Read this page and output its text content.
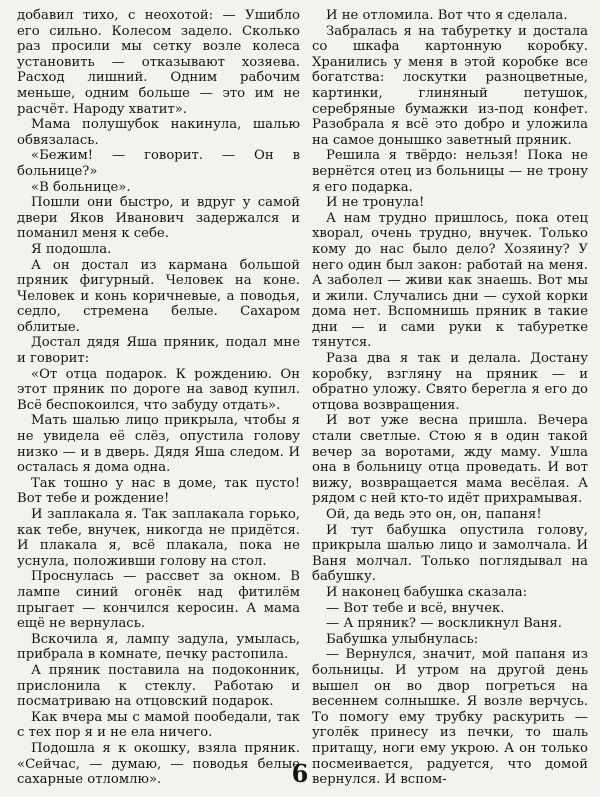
добавил тихо, с неохотой: — Ушибло его сильно. Колесом задело. Сколько раз просили мы сетку возле колеса установить — отказывают хозяева. Расход лишний. Одним рабочим меньше, одним больше — это им не расчёт. Народу хватит».

Мама полушубок накинула, шалью обвязалась.

«Бежим! — говорит. — Он в больнице?»

«В больнице».

Пошли они быстро, и вдруг у самой двери Яков Иванович задержался и поманил меня к себе.

Я подошла.

А он достал из кармана большой пряник фигурный. Человек на коне. Человек и конь коричневые, а поводья, седло, стремена белые. Сахаром облитые.

Достал дядя Яша пряник, подал мне и говорит:

«От отца подарок. К рождению. Он этот пряник по дороге на завод купил. Всё беспокоился, что забуду отдать».

Мать шалью лицо прикрыла, чтобы я не увидела её слёз, опустила голову низко — и в дверь. Дядя Яша следом. И осталась я дома одна.

Так тошно у нас в доме, так пусто! Вот тебе и рождение!

И заплакала я. Так заплакала горько, как тебе, внучек, никогда не придётся. И плакала я, всё плакала, пока не уснула, положивши голову на стол.

Проснулась — рассвет за окном. В лампе синий огонёк над фитилём прыгает — кончился керосин. А мама ещё не вернулась.

Вскочила я, лампу задула, умылась, прибрала в комнате, печку растопила.

А пряник поставила на подоконник, прислонила к стеклу. Работаю и посматриваю на отцовский подарок.

Как вчера мы с мамой пообедали, так с тех пор я и не ела ничего.

Подошла я к окошку, взяла пряник. «Сейчас, — думаю, — поводья белые сахарные отломлю».

И не отломила. Вот что я сделала.

Забралась я на табуретку и достала со шкафа картонную коробку. Хранились у меня в этой коробке все богатства: лоскутки разноцветные, картинки, глиняный петушок, серебряные бумажки из-под конфет. Разобрала я всё это добро и уложила на самое донышко заветный пряник.

Решила я твёрдо: нельзя! Пока не вернётся отец из больницы — не трону я его подарка.

И не тронула!

А нам трудно пришлось, пока отец хворал, очень трудно, внучек. Только кому до нас было дело? Хозяину? У него один был закон: работай на меня. А заболел — живи как знаешь. Вот мы и жили. Случались дни — сухой корки дома нет. Вспомнишь пряник в такие дни — и сами руки к табуретке тянутся.

Раза два я так и делала. Достану коробку, взгляну на пряник — и обратно уложу. Свято берегла я его до отцова возвращения.

И вот уже весна пришла. Вечера стали светлые. Стою я в один такой вечер за воротами, жду маму. Ушла она в больницу отца проведать. И вот вижу, возвращается мама весёлая. А рядом с ней кто-то идёт прихрамывая.

Ой, да ведь это он, он, папаня!

И тут бабушка опустила голову, прикрыла шалью лицо и замолчала. И Ваня молчал. Только поглядывал на бабушку.

И наконец бабушка сказала:

— Вот тебе и всё, внучек.

— А пряник? — воскликнул Ваня.

Бабушка улыбнулась:

— Вернулся, значит, мой папаня из больницы. И утром на другой день вышел он во двор погреться на весеннем солнышке. Я возле верчусь. То помогу ему трубку раскурить — уголёк принесу из печки, то шаль притащу, ноги ему укрою. А он только посмеивается, радуется, что домой вернулся. И вспом-

6
